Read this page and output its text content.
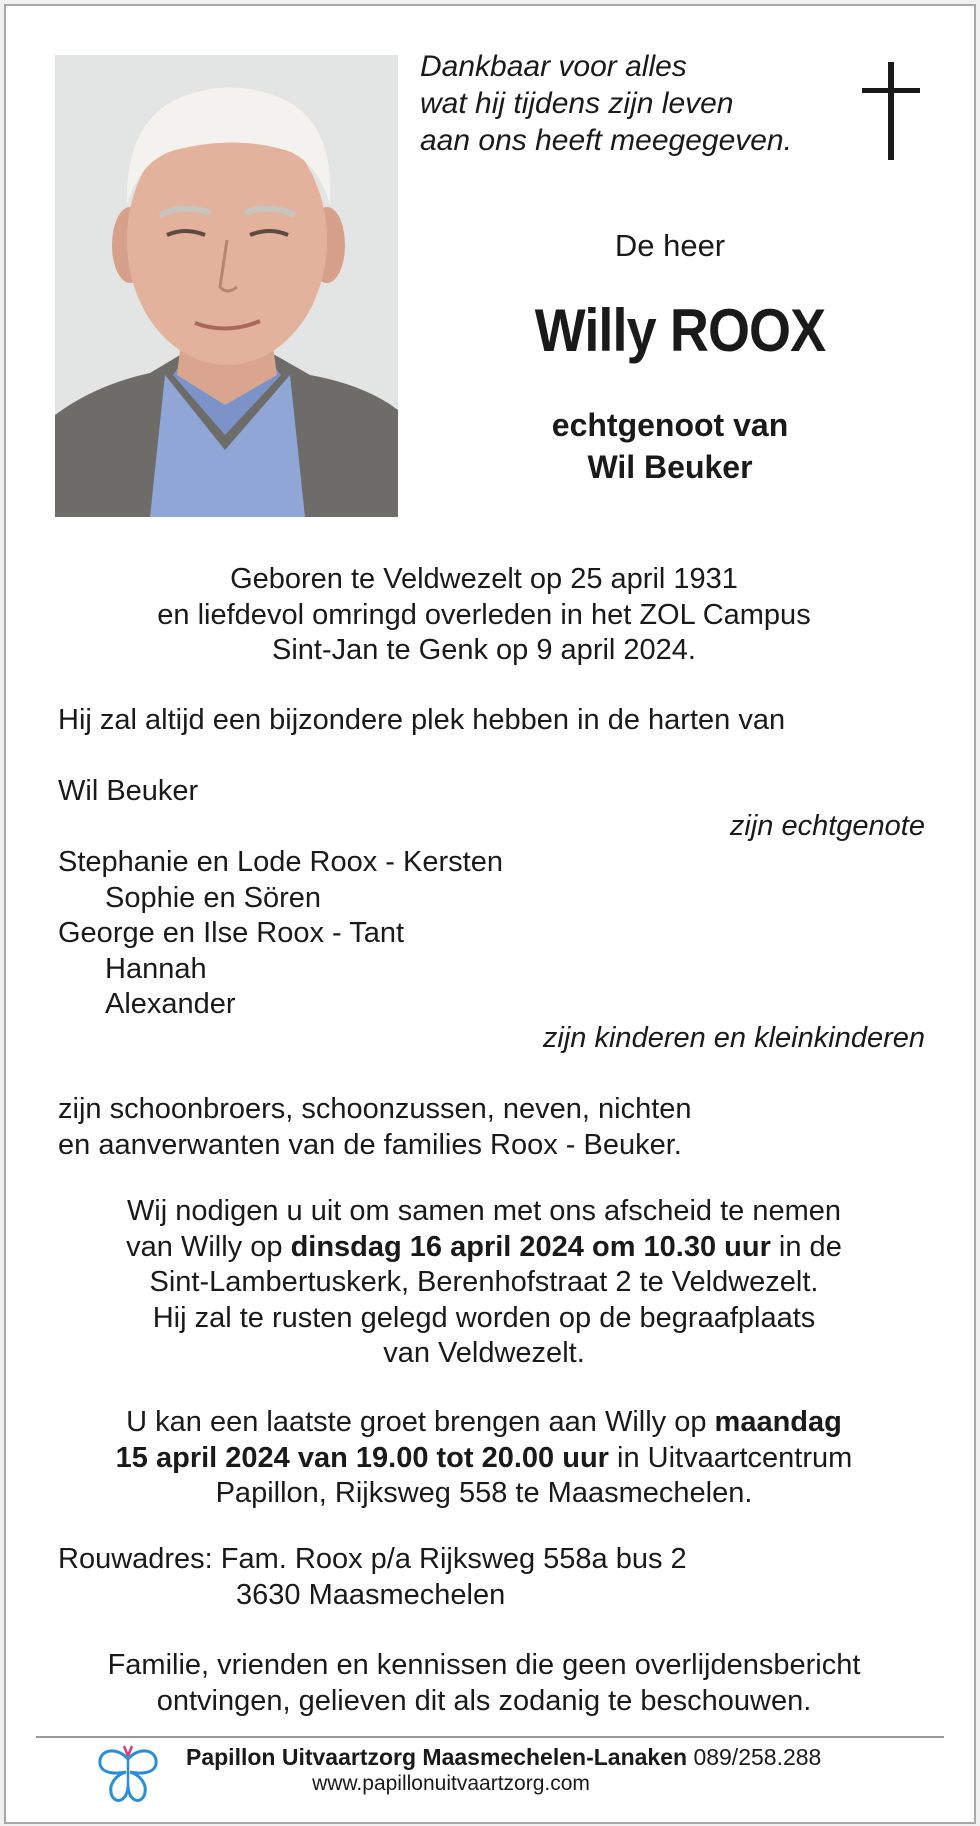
Dankbaar voor alles
wat hij tijdens zijn leven
aan ons heeft meegegeven.
De heer
Willy ROOX
echtgenoot van
Wil Beuker
Geboren te Veldwezelt op 25 april 1931
en liefdevol omringd overleden in het ZOL Campus
Sint-Jan te Genk op 9 april 2024.
Hij zal altijd een bijzondere plek hebben in de harten van
Wil Beuker
zijn echtgenote
Stephanie en Lode Roox - Kersten
Sophie en Sören
George en Ilse Roox - Tant
Hannah
Alexander
zijn kinderen en kleinkinderen
zijn schoonbroers, schoonzussen, neven, nichten
en aanverwanten van de families Roox - Beuker.
Wij nodigen u uit om samen met ons afscheid te nemen
van Willy op dinsdag 16 april 2024 om 10.30 uur in de
Sint-Lambertuskerk, Berenhofstraat 2 te Veldwezelt.
Hij zal te rusten gelegd worden op de begraafplaats
van Veldwezelt.
U kan een laatste groet brengen aan Willy op maandag
15 april 2024 van 19.00 tot 20.00 uur in Uitvaartcentrum
Papillon, Rijksweg 558 te Maasmechelen.
Rouwadres: Fam. Roox p/a Rijksweg 558a bus 2
3630 Maasmechelen
Familie, vrienden en kennissen die geen overlijdensbericht
ontvingen, gelieven dit als zodanig te beschouwen.
Papillon Uitvaartzorg Maasmechelen-Lanaken 089/258.288
www.papillonuitvaartzorg.com
